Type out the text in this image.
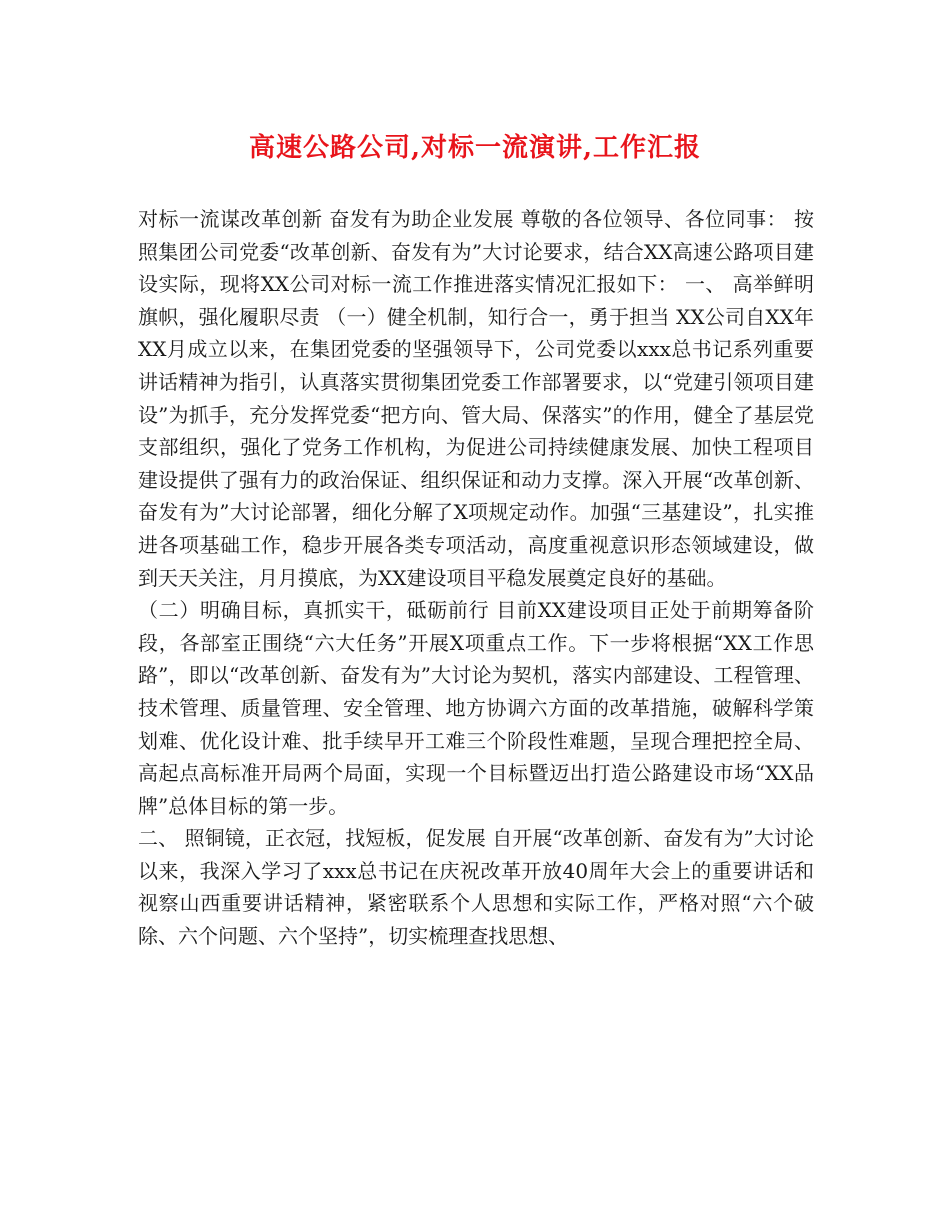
高速公路公司,对标一流演讲,工作汇报

对标一流谋改革创新 奋发有为助企业发展 尊敬的各位领导、各位同事： 按照集团公司党委“改革创新、奋发有为”大讨论要求，结合XX高速公路项目建设实际，现将XX公司对标一流工作推进落实情况汇报如下： 一、 高举鲜明旗帜，强化履职尽责 （一）健全机制，知行合一，勇于担当 XX公司自XX年XX月成立以来，在集团党委的坚强领导下，公司党委以xxx总书记系列重要讲话精神为指引，认真落实贯彻集团党委工作部署要求，以“党建引领项目建设”为抓手，充分发挥党委“把方向、管大局、保落实”的作用，健全了基层党支部组织，强化了党务工作机构，为促进公司持续健康发展、加快工程项目建设提供了强有力的政治保证、组织保证和动力支撑。深入开展“改革创新、奋发有为”大讨论部署，细化分解了X项规定动作。加强“三基建设”，扎实推进各项基础工作，稳步开展各类专项活动，高度重视意识形态领域建设，做到天天关注，月月摸底，为XX建设项目平稳发展奠定良好的基础。

（二）明确目标，真抓实干，砥砺前行 目前XX建设项目正处于前期筹备阶段，各部室正围绕“六大任务”开展X项重点工作。下一步将根据“XX工作思路”，即以“改革创新、奋发有为”大讨论为契机，落实内部建设、工程管理、技术管理、质量管理、安全管理、地方协调六方面的改革措施，破解科学策划难、优化设计难、批手续早开工难三个阶段性难题，呈现合理把控全局、高起点高标准开局两个局面，实现一个目标暨迈出打造公路建设市场“XX品牌”总体目标的第一步。

二、 照铜镜，正衣冠，找短板，促发展 自开展“改革创新、奋发有为”大讨论以来，我深入学习了xxx总书记在庆祝改革开放40周年大会上的重要讲话和视察山西重要讲话精神，紧密联系个人思想和实际工作，严格对照“六个破除、六个问题、六个坚持”，切实梳理查找思想、
